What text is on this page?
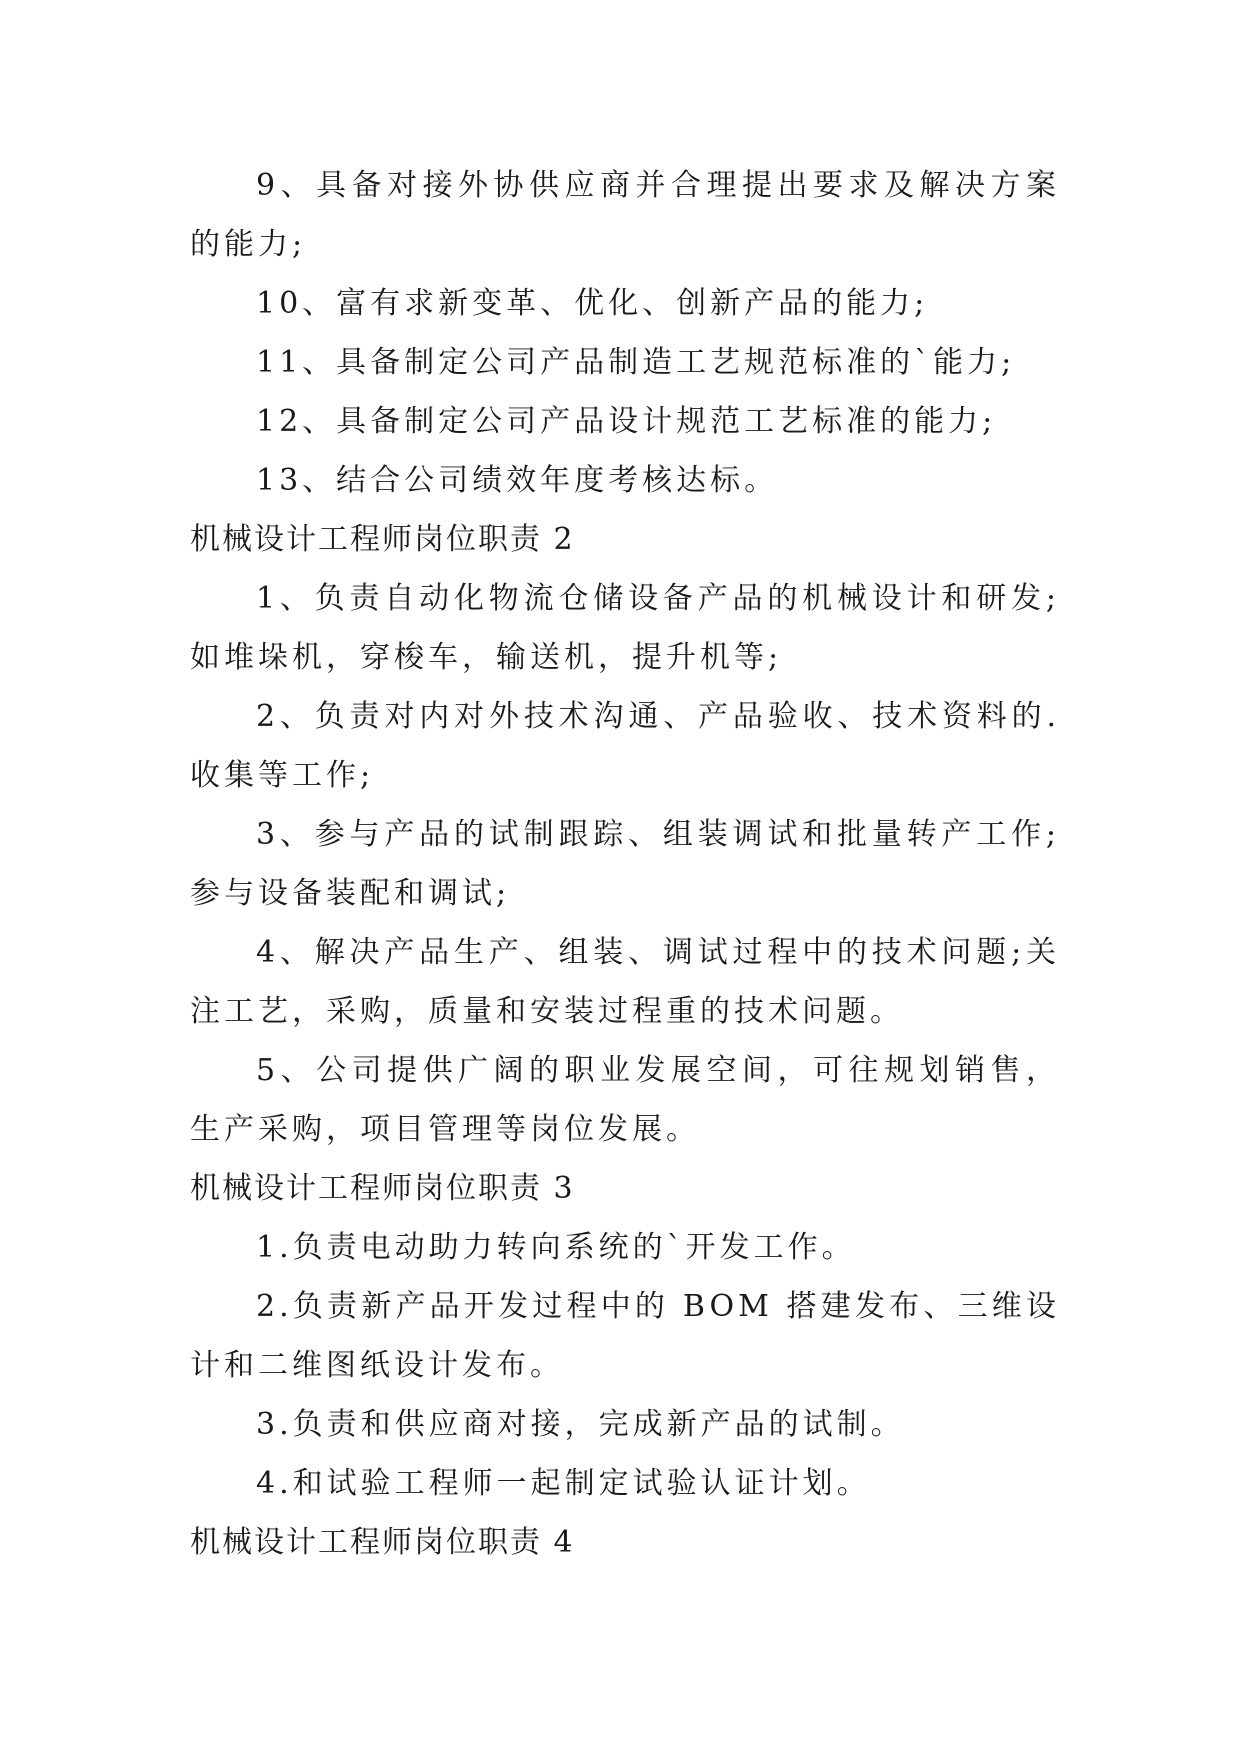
9、具备对接外协供应商并合理提出要求及解决方案的能力;

10、富有求新变革、优化、创新产品的能力;

11、具备制定公司产品制造工艺规范标准的`能力;

12、具备制定公司产品设计规范工艺标准的能力;

13、结合公司绩效年度考核达标。

机械设计工程师岗位职责 2

1、负责自动化物流仓储设备产品的机械设计和研发;如堆垛机，穿梭车，输送机，提升机等;

2、负责对内对外技术沟通、产品验收、技术资料的.收集等工作;

3、参与产品的试制跟踪、组装调试和批量转产工作;参与设备装配和调试;

4、解决产品生产、组装、调试过程中的技术问题;关注工艺，采购，质量和安装过程重的技术问题。

5、公司提供广阔的职业发展空间，可往规划销售，生产采购，项目管理等岗位发展。

机械设计工程师岗位职责 3

1.负责电动助力转向系统的`开发工作。

2.负责新产品开发过程中的 BOM 搭建发布、三维设计和二维图纸设计发布。

3.负责和供应商对接，完成新产品的试制。

4.和试验工程师一起制定试验认证计划。

机械设计工程师岗位职责 4
